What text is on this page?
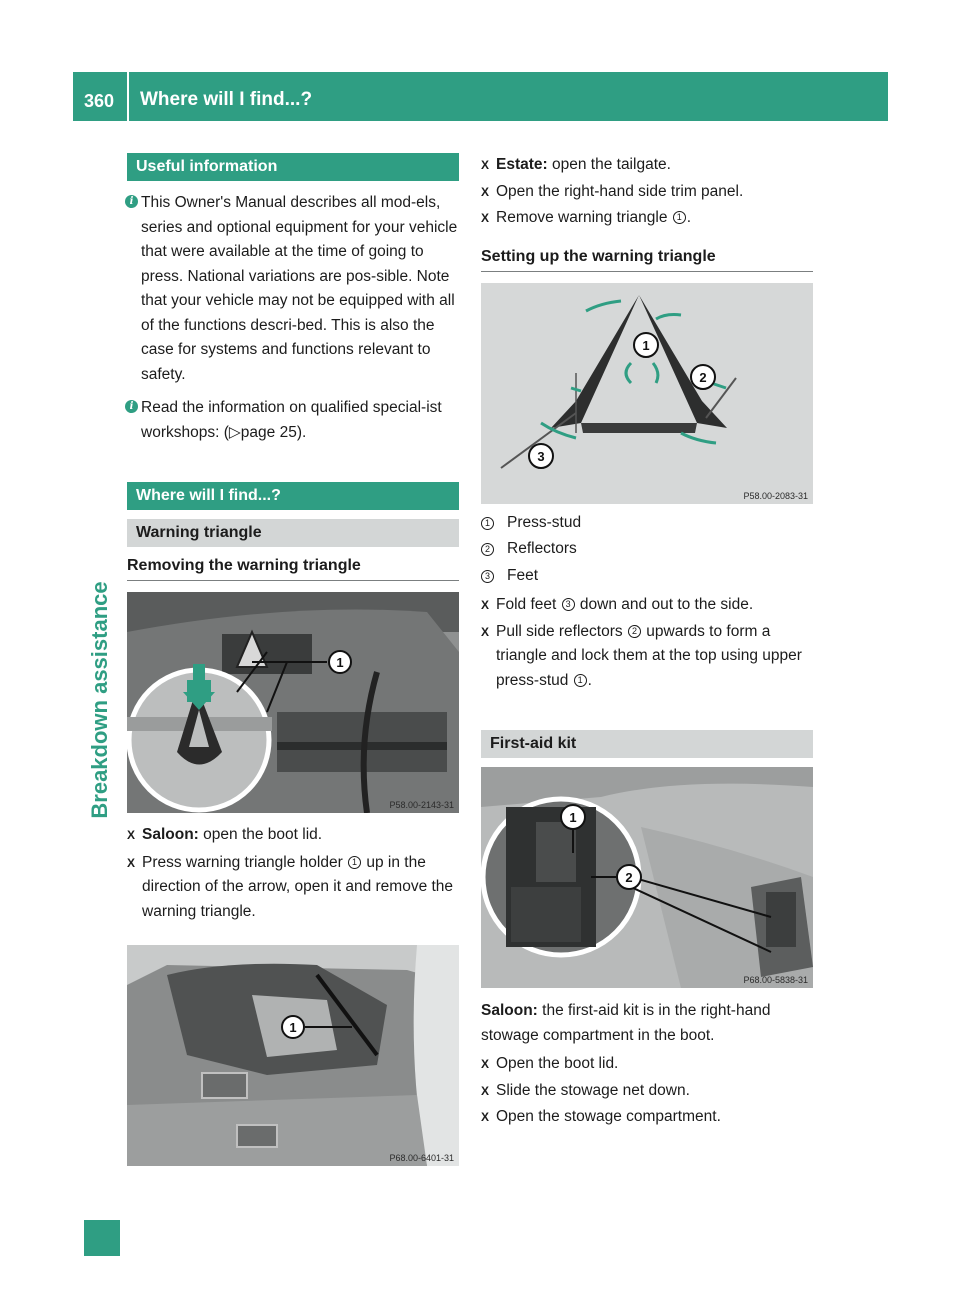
360	Where will I find...?
Breakdown assistance
Useful information
i This Owner's Manual describes all mod-els, series and optional equipment for your vehicle that were available at the time of going to press. National variations are pos-sible. Note that your vehicle may not be equipped with all of the functions descri-bed. This is also the case for systems and functions relevant to safety.
i Read the information on qualified special-ist workshops: (▷page 25).
Where will I find...?
Warning triangle
Removing the warning triangle
1
P58.00-2143-31
X Saloon: open the boot lid.
X Press warning triangle holder 1 up in the direction of the arrow, open it and remove the warning triangle.
1
P68.00-6401-31
X Estate: open the tailgate.
X Open the right-hand side trim panel.
X Remove warning triangle 1 .
Setting up the warning triangle
1
2
3
P58.00-2083-31
1 Press-stud
2 Reflectors
3 Feet
X Fold feet 3 down and out to the side.
X Pull side reflectors 2 upwards to form a triangle and lock them at the top using upper press-stud 1 .
First-aid kit
1
2
P68.00-5838-31
Saloon: the first-aid kit is in the right-hand stowage compartment in the boot.
X Open the boot lid.
X Slide the stowage net down.
X Open the stowage compartment.
